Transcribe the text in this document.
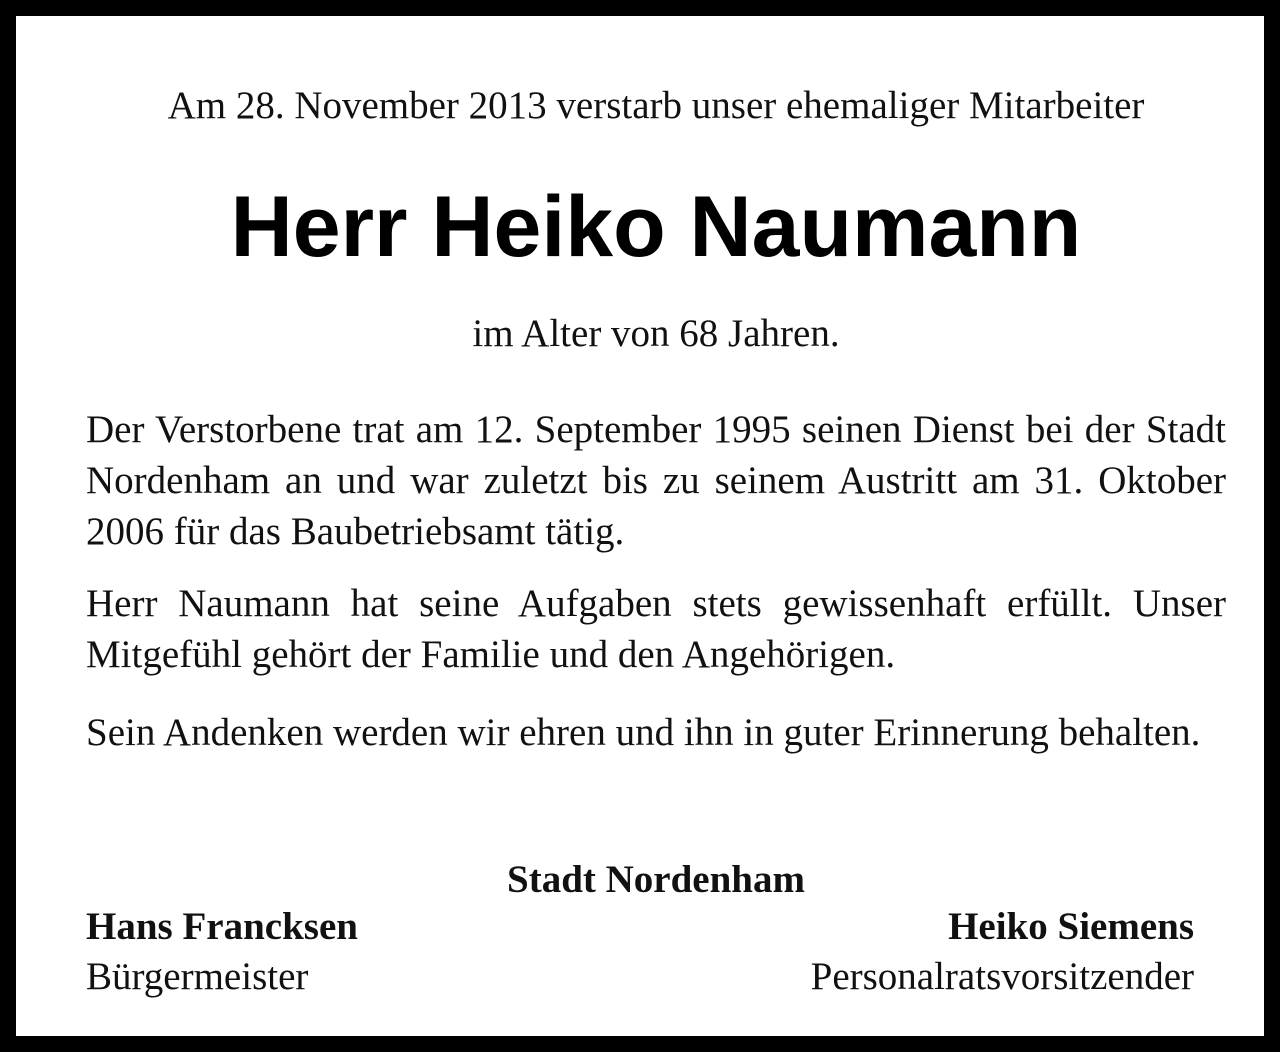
Am 28. November 2013 verstarb unser ehemaliger Mitarbeiter
Herr Heiko Naumann
im Alter von 68 Jahren.
Der Verstorbene trat am 12. September 1995 seinen Dienst bei der Stadt Nordenham an und war zuletzt bis zu seinem Austritt am 31. Oktober 2006 für das Baubetriebsamt tätig.
Herr Naumann hat seine Aufgaben stets gewissenhaft erfüllt. Unser Mitgefühl gehört der Familie und den Angehörigen.
Sein Andenken werden wir ehren und ihn in guter Erinnerung behalten.
Stadt Nordenham
Hans Francksen
Bürgermeister
Heiko Siemens
Personalratsvorsitzender
